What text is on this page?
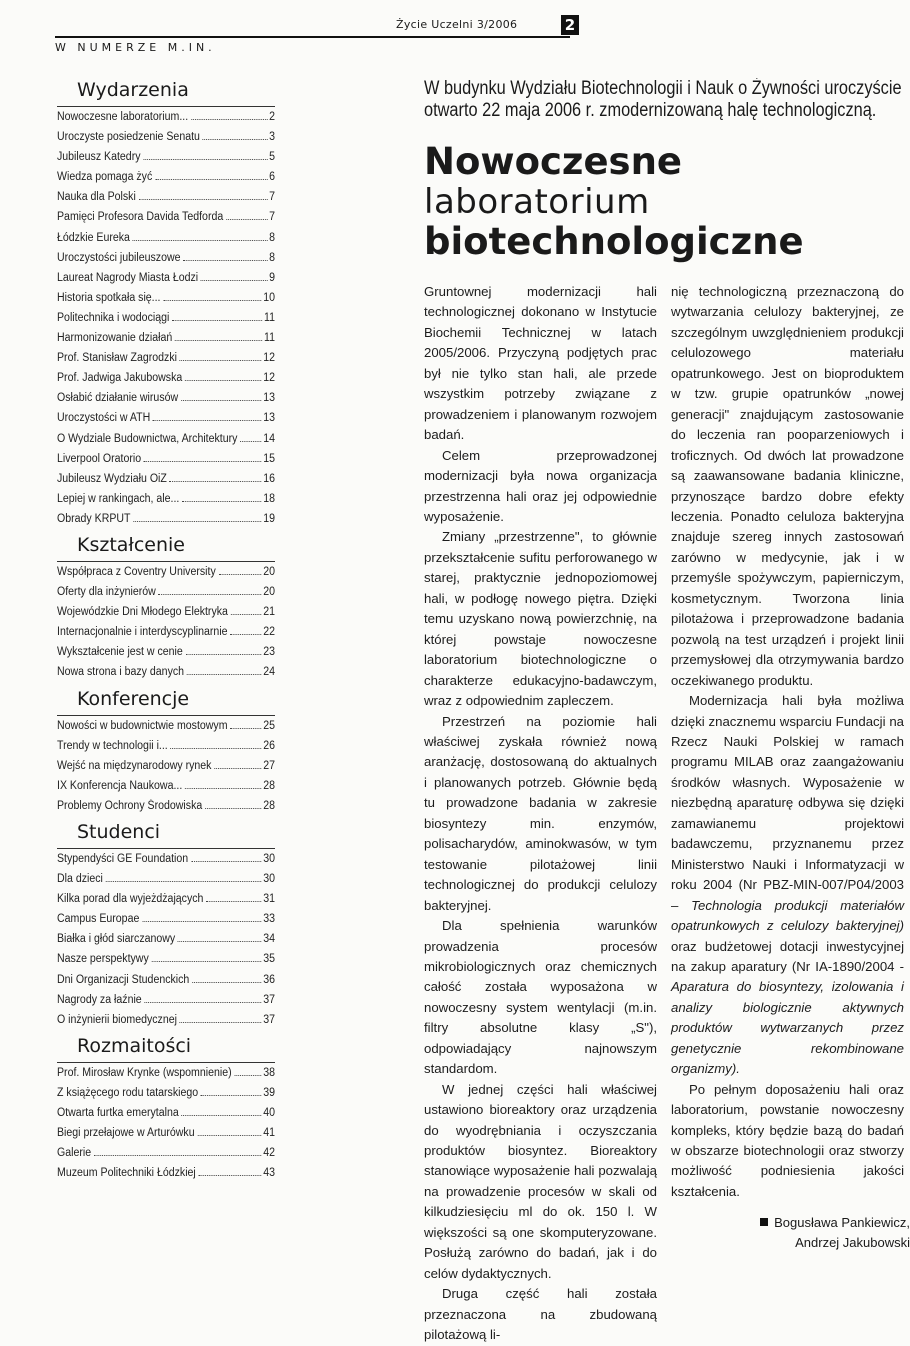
Życie Uczelni 3/2006	2
W NUMERZE M.IN.
Wydarzenia
Nowoczesne laboratorium...	2
Uroczyste posiedzenie Senatu	3
Jubileusz Katedry	5
Wiedza pomaga żyć	6
Nauka dla Polski	7
Pamięci Profesora Davida Tedforda	7
Łódzkie Eureka	8
Uroczystości jubileuszowe	8
Laureat Nagrody Miasta Łodzi	9
Historia spotkała się...	10
Politechnika i wodociągi	11
Harmonizowanie działań	11
Prof. Stanisław Zagrodzki	12
Prof. Jadwiga Jakubowska	12
Osłabić działanie wirusów	13
Uroczystości w ATH	13
O Wydziale Budownictwa, Architektury 14
Liverpool Oratorio	15
Jubileusz Wydziału OiZ	16
Lepiej w rankingach, ale...	18
Obrady KRPUT	19
Kształcenie
Współpraca z Coventry University	20
Oferty dla inżynierów	20
Wojewódzkie Dni Młodego Elektryka	21
Internacjonalnie i interdyscyplinarnie	22
Wykształcenie jest w cenie	23
Nowa strona i bazy danych	24
Konferencje
Nowości w budownictwie mostowym	25
Trendy w technologii i...	26
Wejść na międzynarodowy rynek	27
IX Konferencja Naukowa...	28
Problemy Ochrony Środowiska	28
Studenci
Stypendyści GE Foundation	30
Dla dzieci	30
Kilka porad dla wyjeżdżających	31
Campus Europae	33
Białka i głód siarczanowy	34
Nasze perspektywy	35
Dni Organizacji Studenckich	36
Nagrody za łaźnie	37
O inżynierii biomedycznej	37
Rozmaitości
Prof. Mirosław Krynke (wspomnienie)	38
Z książęcego rodu tatarskiego	39
Otwarta furtka emerytalna	40
Biegi przełajowe w Arturówku	41
Galerie	42
Muzeum Politechniki Łódzkiej	43

W budynku Wydziału Biotechnologii i Nauk o Żywności uroczyście otwarto 22 maja 2006 r. zmodernizowaną halę technologiczną.

Nowoczesne
laboratorium
biotechnologiczne

Gruntownej modernizacji hali technologicznej dokonano w Instytucie Biochemii Technicznej w latach 2005/2006. Przyczyną podjętych prac był nie tylko stan hali, ale przede wszystkim potrzeby związane z prowadzeniem i planowanym rozwojem badań.

Celem przeprowadzonej modernizacji była nowa organizacja przestrzenna hali oraz jej odpowiednie wyposażenie.

Zmiany „przestrzenne", to głównie przekształcenie sufitu perforowanego w starej, praktycznie jednopoziomowej hali, w podłogę nowego piętra. Dzięki temu uzyskano nową powierzchnię, na której powstaje nowoczesne laboratorium biotechnologiczne o charakterze edukacyjno-badawczym, wraz z odpowiednim zapleczem.

Przestrzeń na poziomie hali właściwej zyskała również nową aranżację, dostosowaną do aktualnych i planowanych potrzeb. Głównie będą tu prowadzone badania w zakresie biosyntezy min. enzymów, polisacharydów, aminokwasów, w tym testowanie pilotażowej linii technologicznej do produkcji celulozy bakteryjnej.

Dla spełnienia warunków prowadzenia procesów mikrobiologicznych oraz chemicznych całość została wyposażona w nowoczesny system wentylacji (m.in. filtry absolutne klasy „S"), odpowiadający najnowszym standardom.

W jednej części hali właściwej ustawiono bioreaktory oraz urządzenia do wyodrębniania i oczyszczania produktów biosyntez. Bioreaktory stanowiące wyposażenie hali pozwalają na prowadzenie procesów w skali od kilkudziesięciu ml do ok. 150 l. W większości są one skomputeryzowane. Posłużą zarówno do badań, jak i do celów dydaktycznych.

Druga część hali została przeznaczona na zbudowaną pilotażową li-

nię technologiczną przeznaczoną do wytwarzania celulozy bakteryjnej, ze szczególnym uwzględnieniem produkcji celulozowego materiału opatrunkowego. Jest on bioproduktem w tzw. grupie opatrunków „nowej generacji" znajdującym zastosowanie do leczenia ran pooparzeniowych i troficznych. Od dwóch lat prowadzone są zaawansowane badania kliniczne, przynoszące bardzo dobre efekty leczenia. Ponadto celuloza bakteryjna znajduje szereg innych zastosowań zarówno w medycynie, jak i w przemyśle spożywczym, papierniczym, kosmetycznym. Tworzona linia pilotażowa i przeprowadzone badania pozwolą na test urządzeń i projekt linii przemysłowej dla otrzymywania bardzo oczekiwanego produktu.

Modernizacja hali była możliwa dzięki znacznemu wsparciu Fundacji na Rzecz Nauki Polskiej w ramach programu MILAB oraz zaangażowaniu środków własnych. Wyposażenie w niezbędną aparaturę odbywa się dzięki zamawianemu projektowi badawczemu, przyznanemu przez Ministerstwo Nauki i Informatyzacji w roku 2004 (Nr PBZ-MIN-007/P04/2003 – Technologia produkcji materiałów opatrunkowych z celulozy bakteryjnej) oraz budżetowej dotacji inwestycyjnej na zakup aparatury (Nr IA-1890/2004 - Aparatura do biosyntezy, izolowania i analizy biologicznie aktywnych produktów wytwarzanych przez genetycznie rekombinowane organizmy).

Po pełnym doposażeniu hali oraz laboratorium, powstanie nowoczesny kompleks, który będzie bazą do badań w obszarze biotechnologii oraz stworzy możliwość podniesienia jakości kształcenia.

Bogusława Pankiewicz,
Andrzej Jakubowski
